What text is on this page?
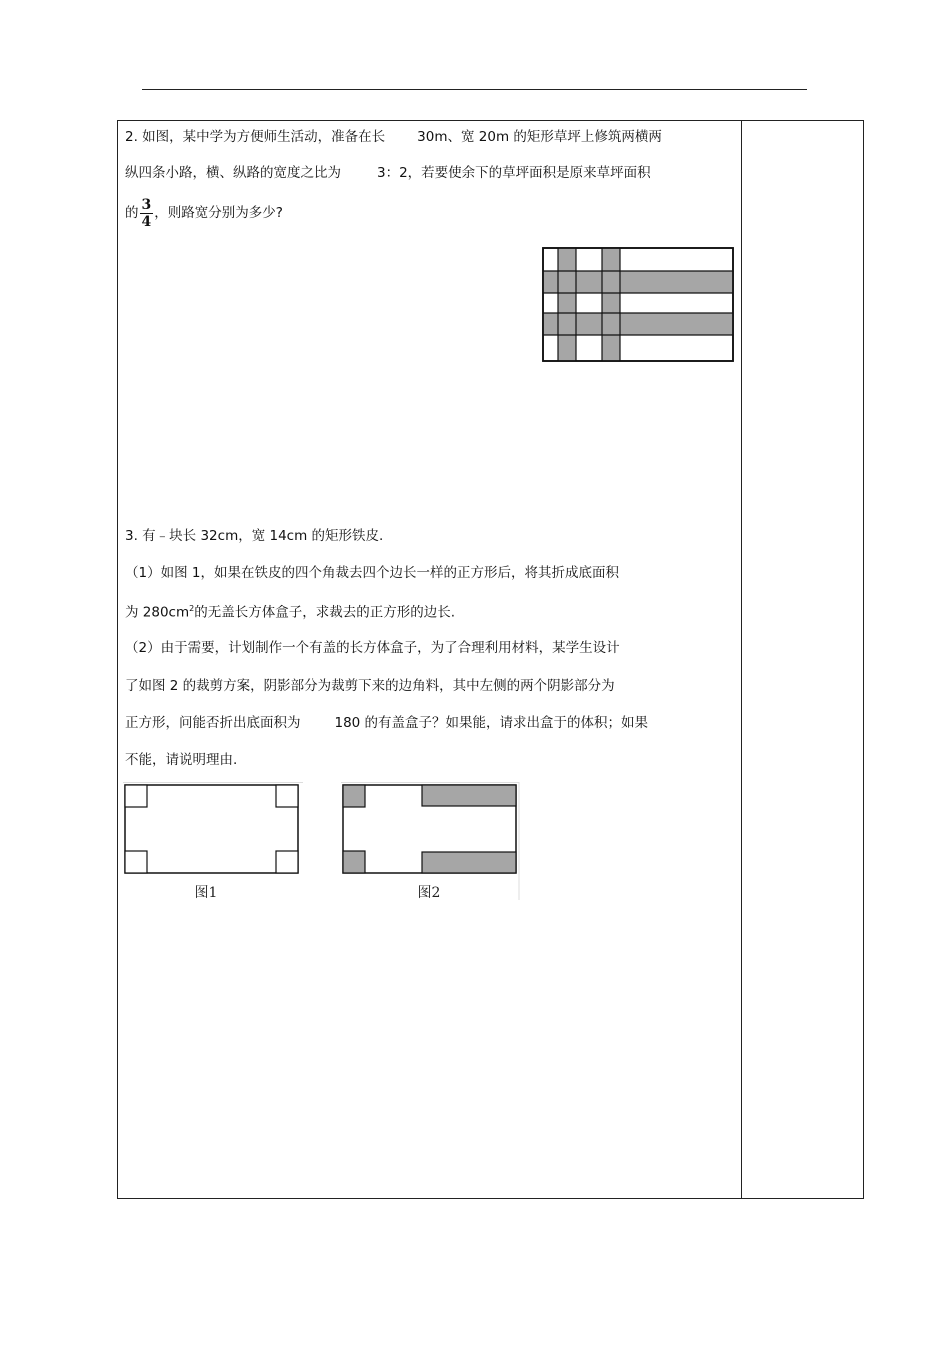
2. 如图，某中学为方便师生活动，准备在长 30m、宽 20m 的矩形草坪上修筑两横两
纵四条小路，横、纵路的宽度之比为	3：2，若要使余下的草坪面积是原来草坪面积
的 $\frac{3}{4}$ ，则路宽分别为多少?
3. 有﹣块长 32cm，宽 14cm 的矩形铁皮.
（1）如图 1，如果在铁皮的四个角裁去四个边长一样的正方形后，将其折成底面积
为 $280cm^2$的无盖长方体盒子，求裁去的正方形的边长.
（2）由于需要，计划制作一个有盖的长方体盒子，为了合理利用材料，某学生设计
了如图 2 的裁剪方案，阴影部分为裁剪下来的边角料，其中左侧的两个阴影部分为
正方形，问能否折出底面积为	180 的有盖盒子？如果能，请求出盒于的体积；如果
不能，请说明理由.
图1	图2
